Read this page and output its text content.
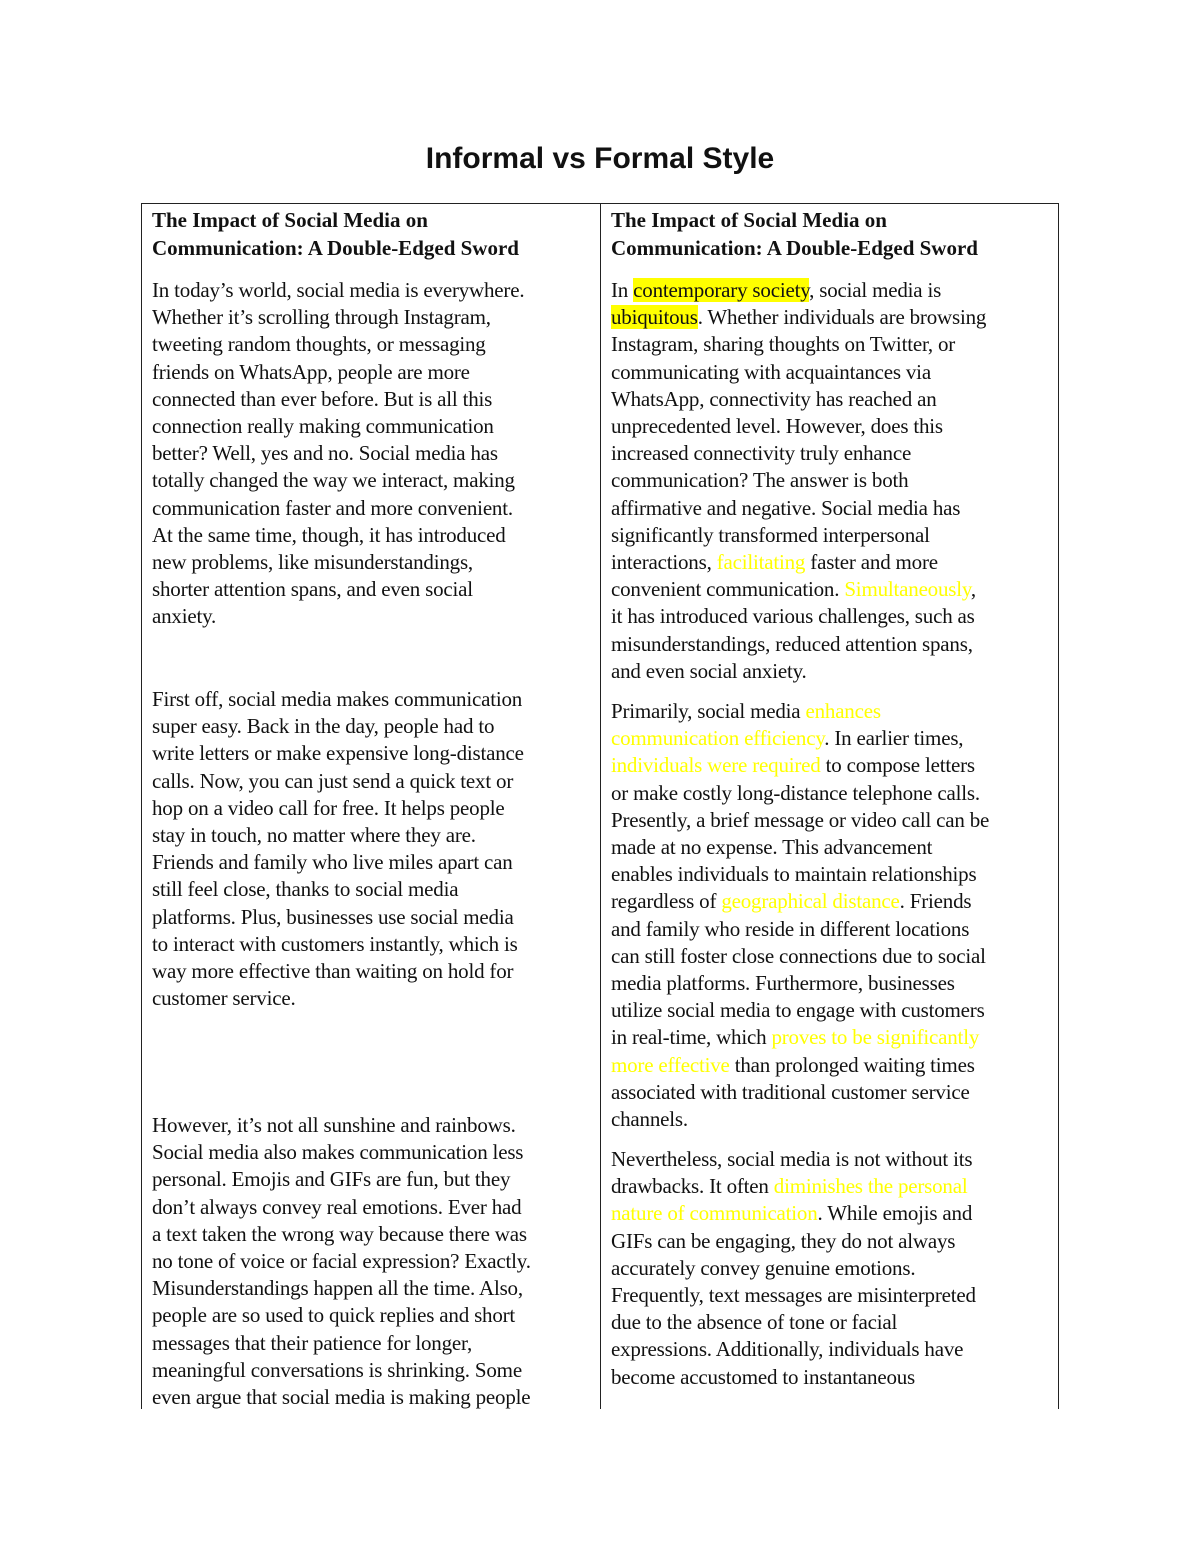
Informal vs Formal Style
The Impact of Social Media on
Communication: A Double-Edged Sword
In today’s world, social media is everywhere.
Whether it’s scrolling through Instagram,
tweeting random thoughts, or messaging
friends on WhatsApp, people are more
connected than ever before. But is all this
connection really making communication
better? Well, yes and no. Social media has
totally changed the way we interact, making
communication faster and more convenient.
At the same time, though, it has introduced
new problems, like misunderstandings,
shorter attention spans, and even social
anxiety.
First off, social media makes communication
super easy. Back in the day, people had to
write letters or make expensive long-distance
calls. Now, you can just send a quick text or
hop on a video call for free. It helps people
stay in touch, no matter where they are.
Friends and family who live miles apart can
still feel close, thanks to social media
platforms. Plus, businesses use social media
to interact with customers instantly, which is
way more effective than waiting on hold for
customer service.
However, it’s not all sunshine and rainbows.
Social media also makes communication less
personal. Emojis and GIFs are fun, but they
don’t always convey real emotions. Ever had
a text taken the wrong way because there was
no tone of voice or facial expression? Exactly.
Misunderstandings happen all the time. Also,
people are so used to quick replies and short
messages that their patience for longer,
meaningful conversations is shrinking. Some
even argue that social media is making people
The Impact of Social Media on
Communication: A Double-Edged Sword
In contemporary society, social media is
ubiquitous. Whether individuals are browsing
Instagram, sharing thoughts on Twitter, or
communicating with acquaintances via
WhatsApp, connectivity has reached an
unprecedented level. However, does this
increased connectivity truly enhance
communication? The answer is both
affirmative and negative. Social media has
significantly transformed interpersonal
interactions, facilitating faster and more
convenient communication. Simultaneously,
it has introduced various challenges, such as
misunderstandings, reduced attention spans,
and even social anxiety.
Primarily, social media enhances
communication efficiency. In earlier times,
individuals were required to compose letters
or make costly long-distance telephone calls.
Presently, a brief message or video call can be
made at no expense. This advancement
enables individuals to maintain relationships
regardless of geographical distance. Friends
and family who reside in different locations
can still foster close connections due to social
media platforms. Furthermore, businesses
utilize social media to engage with customers
in real-time, which proves to be significantly
more effective than prolonged waiting times
associated with traditional customer service
channels.
Nevertheless, social media is not without its
drawbacks. It often diminishes the personal
nature of communication. While emojis and
GIFs can be engaging, they do not always
accurately convey genuine emotions.
Frequently, text messages are misinterpreted
due to the absence of tone or facial
expressions. Additionally, individuals have
become accustomed to instantaneous
